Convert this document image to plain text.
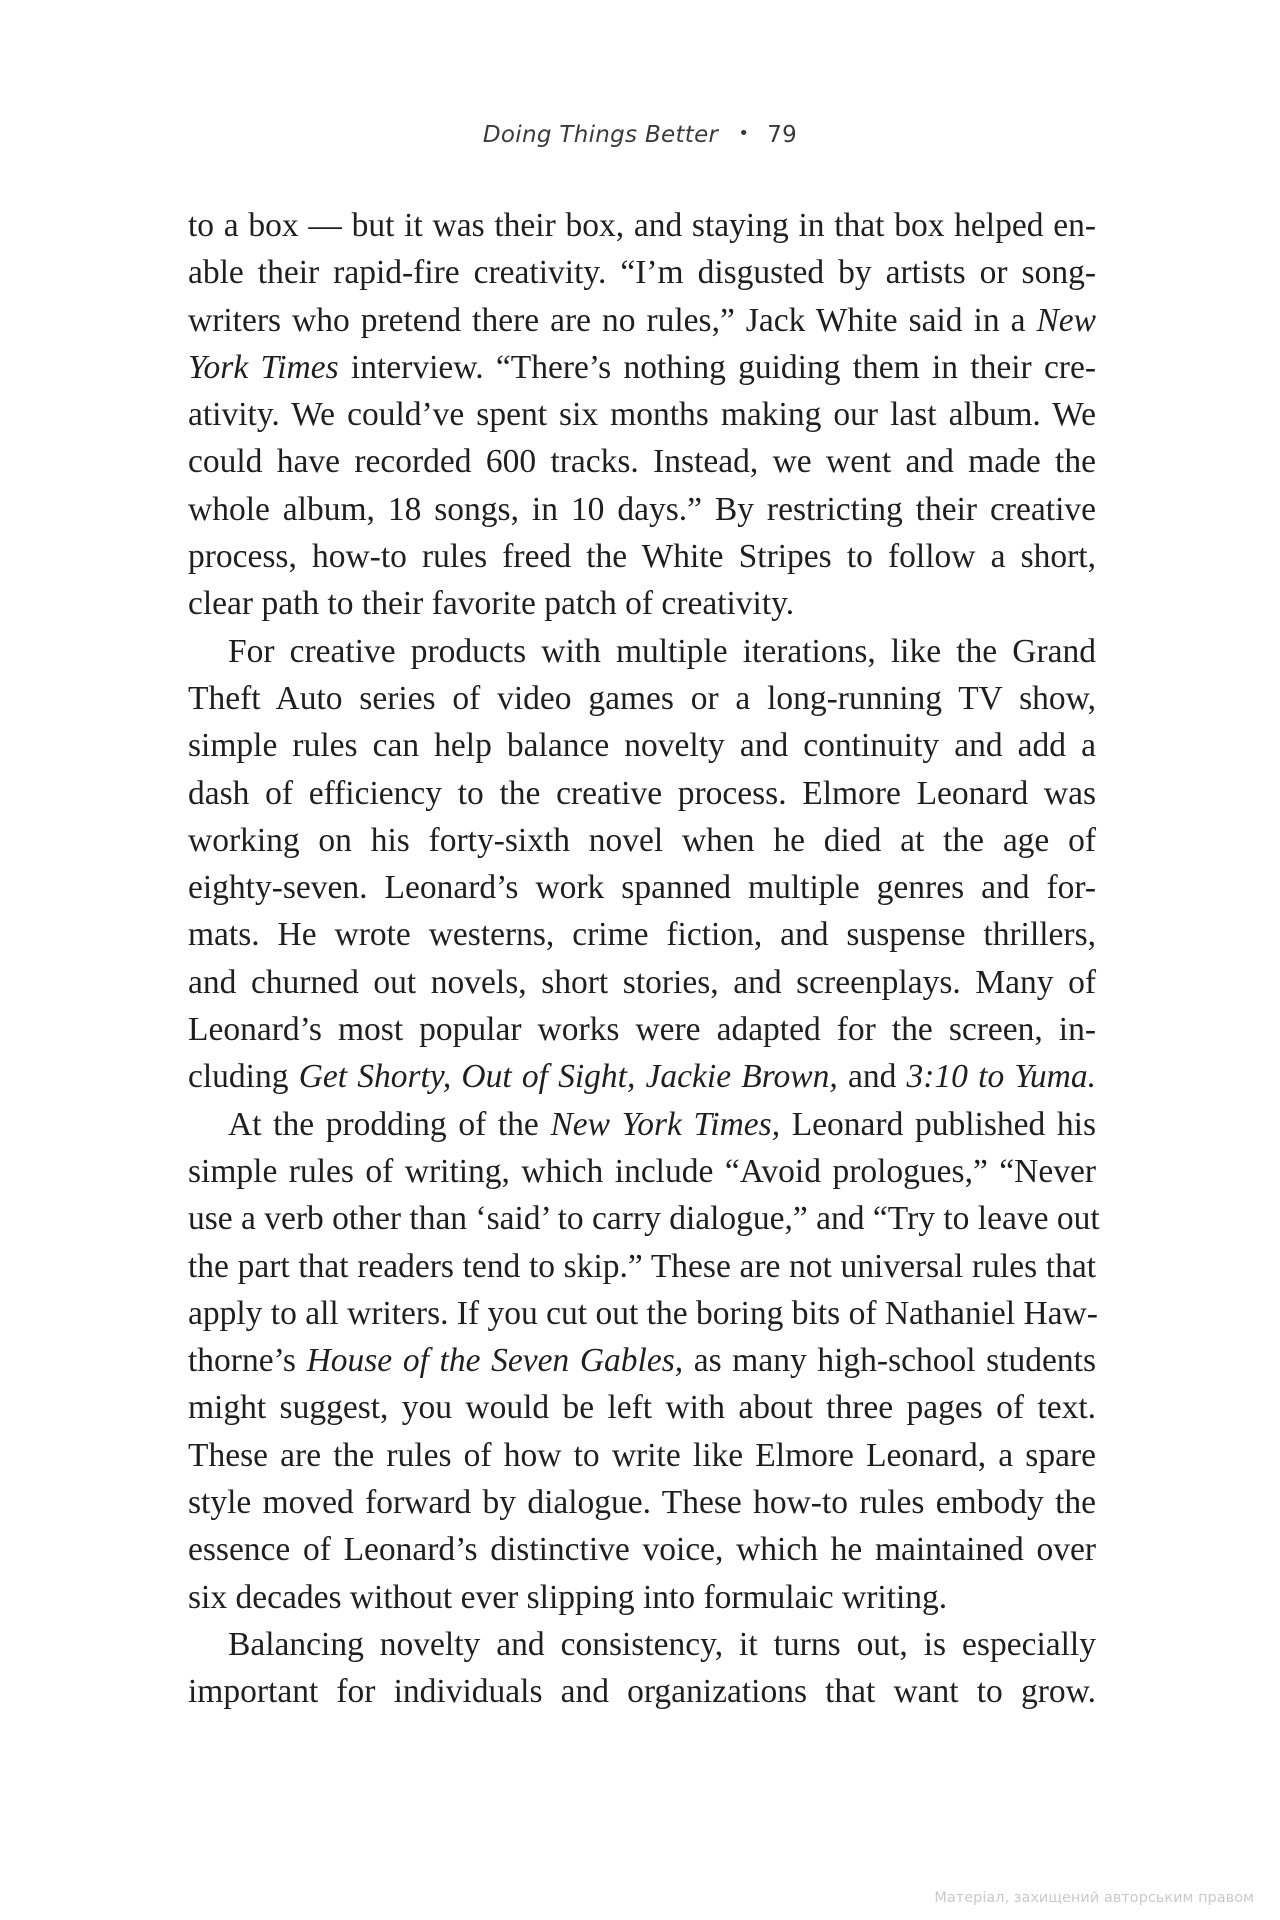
Doing Things Better • 79
to a box — but it was their box, and staying in that box helped en-
able their rapid-fire creativity. “I’m disgusted by artists or song-
writers who pretend there are no rules,” Jack White said in a New
York Times interview. “There’s nothing guiding them in their cre-
ativity. We could’ve spent six months making our last album. We
could have recorded 600 tracks. Instead, we went and made the
whole album, 18 songs, in 10 days.” By restricting their creative
process, how-to rules freed the White Stripes to follow a short,
clear path to their favorite patch of creativity.
For creative products with multiple iterations, like the Grand
Theft Auto series of video games or a long-running TV show,
simple rules can help balance novelty and continuity and add a
dash of efficiency to the creative process. Elmore Leonard was
working on his forty-sixth novel when he died at the age of
eighty-seven. Leonard’s work spanned multiple genres and for-
mats. He wrote westerns, crime fiction, and suspense thrillers,
and churned out novels, short stories, and screenplays. Many of
Leonard’s most popular works were adapted for the screen, in-
cluding Get Shorty, Out of Sight, Jackie Brown, and 3:10 to Yuma.
At the prodding of the New York Times, Leonard published his
simple rules of writing, which include “Avoid prologues,” “Never
use a verb other than ‘said’ to carry dialogue,” and “Try to leave out
the part that readers tend to skip.” These are not universal rules that
apply to all writers. If you cut out the boring bits of Nathaniel Haw-
thorne’s House of the Seven Gables, as many high-school students
might suggest, you would be left with about three pages of text.
These are the rules of how to write like Elmore Leonard, a spare
style moved forward by dialogue. These how-to rules embody the
essence of Leonard’s distinctive voice, which he maintained over
six decades without ever slipping into formulaic writing.
Balancing novelty and consistency, it turns out, is especially
important for individuals and organizations that want to grow.
Матеріал, захищений авторським правом
